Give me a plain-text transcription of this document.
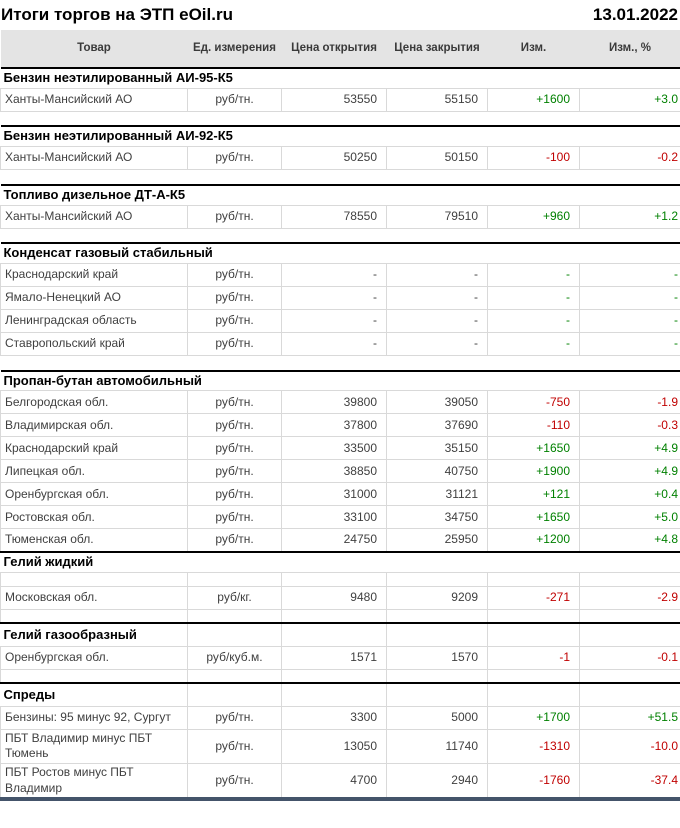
Итоги торгов на ЭТП eOil.ru	13.01.2022
Товар	Ед. измерения	Цена открытия	Цена закрытия	Изм.	Изм., %
Бензин неэтилированный АИ-95-К5					
Ханты-Мансийский АО	руб/тн.	53550	55150	+1600	+3.0

Бензин неэтилированный АИ-92-К5					
Ханты-Мансийский АО	руб/тн.	50250	50150	-100	-0.2

Топливо дизельное ДТ-А-К5					
Ханты-Мансийский АО	руб/тн.	78550	79510	+960	+1.2

Конденсат газовый стабильный					
Краснодарский край	руб/тн.	-	-	-	-
Ямало-Ненецкий АО	руб/тн.	-	-	-	-
Ленинградская область	руб/тн.	-	-	-	-
Ставропольский край	руб/тн.	-	-	-	-

Пропан-бутан автомобильный					
Белгородская обл.	руб/тн.	39800	39050	-750	-1.9
Владимирская обл.	руб/тн.	37800	37690	-110	-0.3
Краснодарский край	руб/тн.	33500	35150	+1650	+4.9
Липецкая обл.	руб/тн.	38850	40750	+1900	+4.9
Оренбургская обл.	руб/тн.	31000	31121	+121	+0.4
Ростовская обл.	руб/тн.	33100	34750	+1650	+5.0
Тюменская обл.	руб/тн.	24750	25950	+1200	+4.8
Гелий жидкий					

Московская обл.	руб/кг.	9480	9209	-271	-2.9

Гелий газообразный					
Оренбургская обл.	руб/куб.м.	1571	1570	-1	-0.1

Спреды					
Бензины: 95 минус 92, Сургут	руб/тн.	3300	5000	+1700	+51.5
ПБТ Владимир минус ПБТ Тюмень	руб/тн.	13050	11740	-1310	-10.0
ПБТ Ростов минус ПБТ Владимир	руб/тн.	4700	2940	-1760	-37.4
